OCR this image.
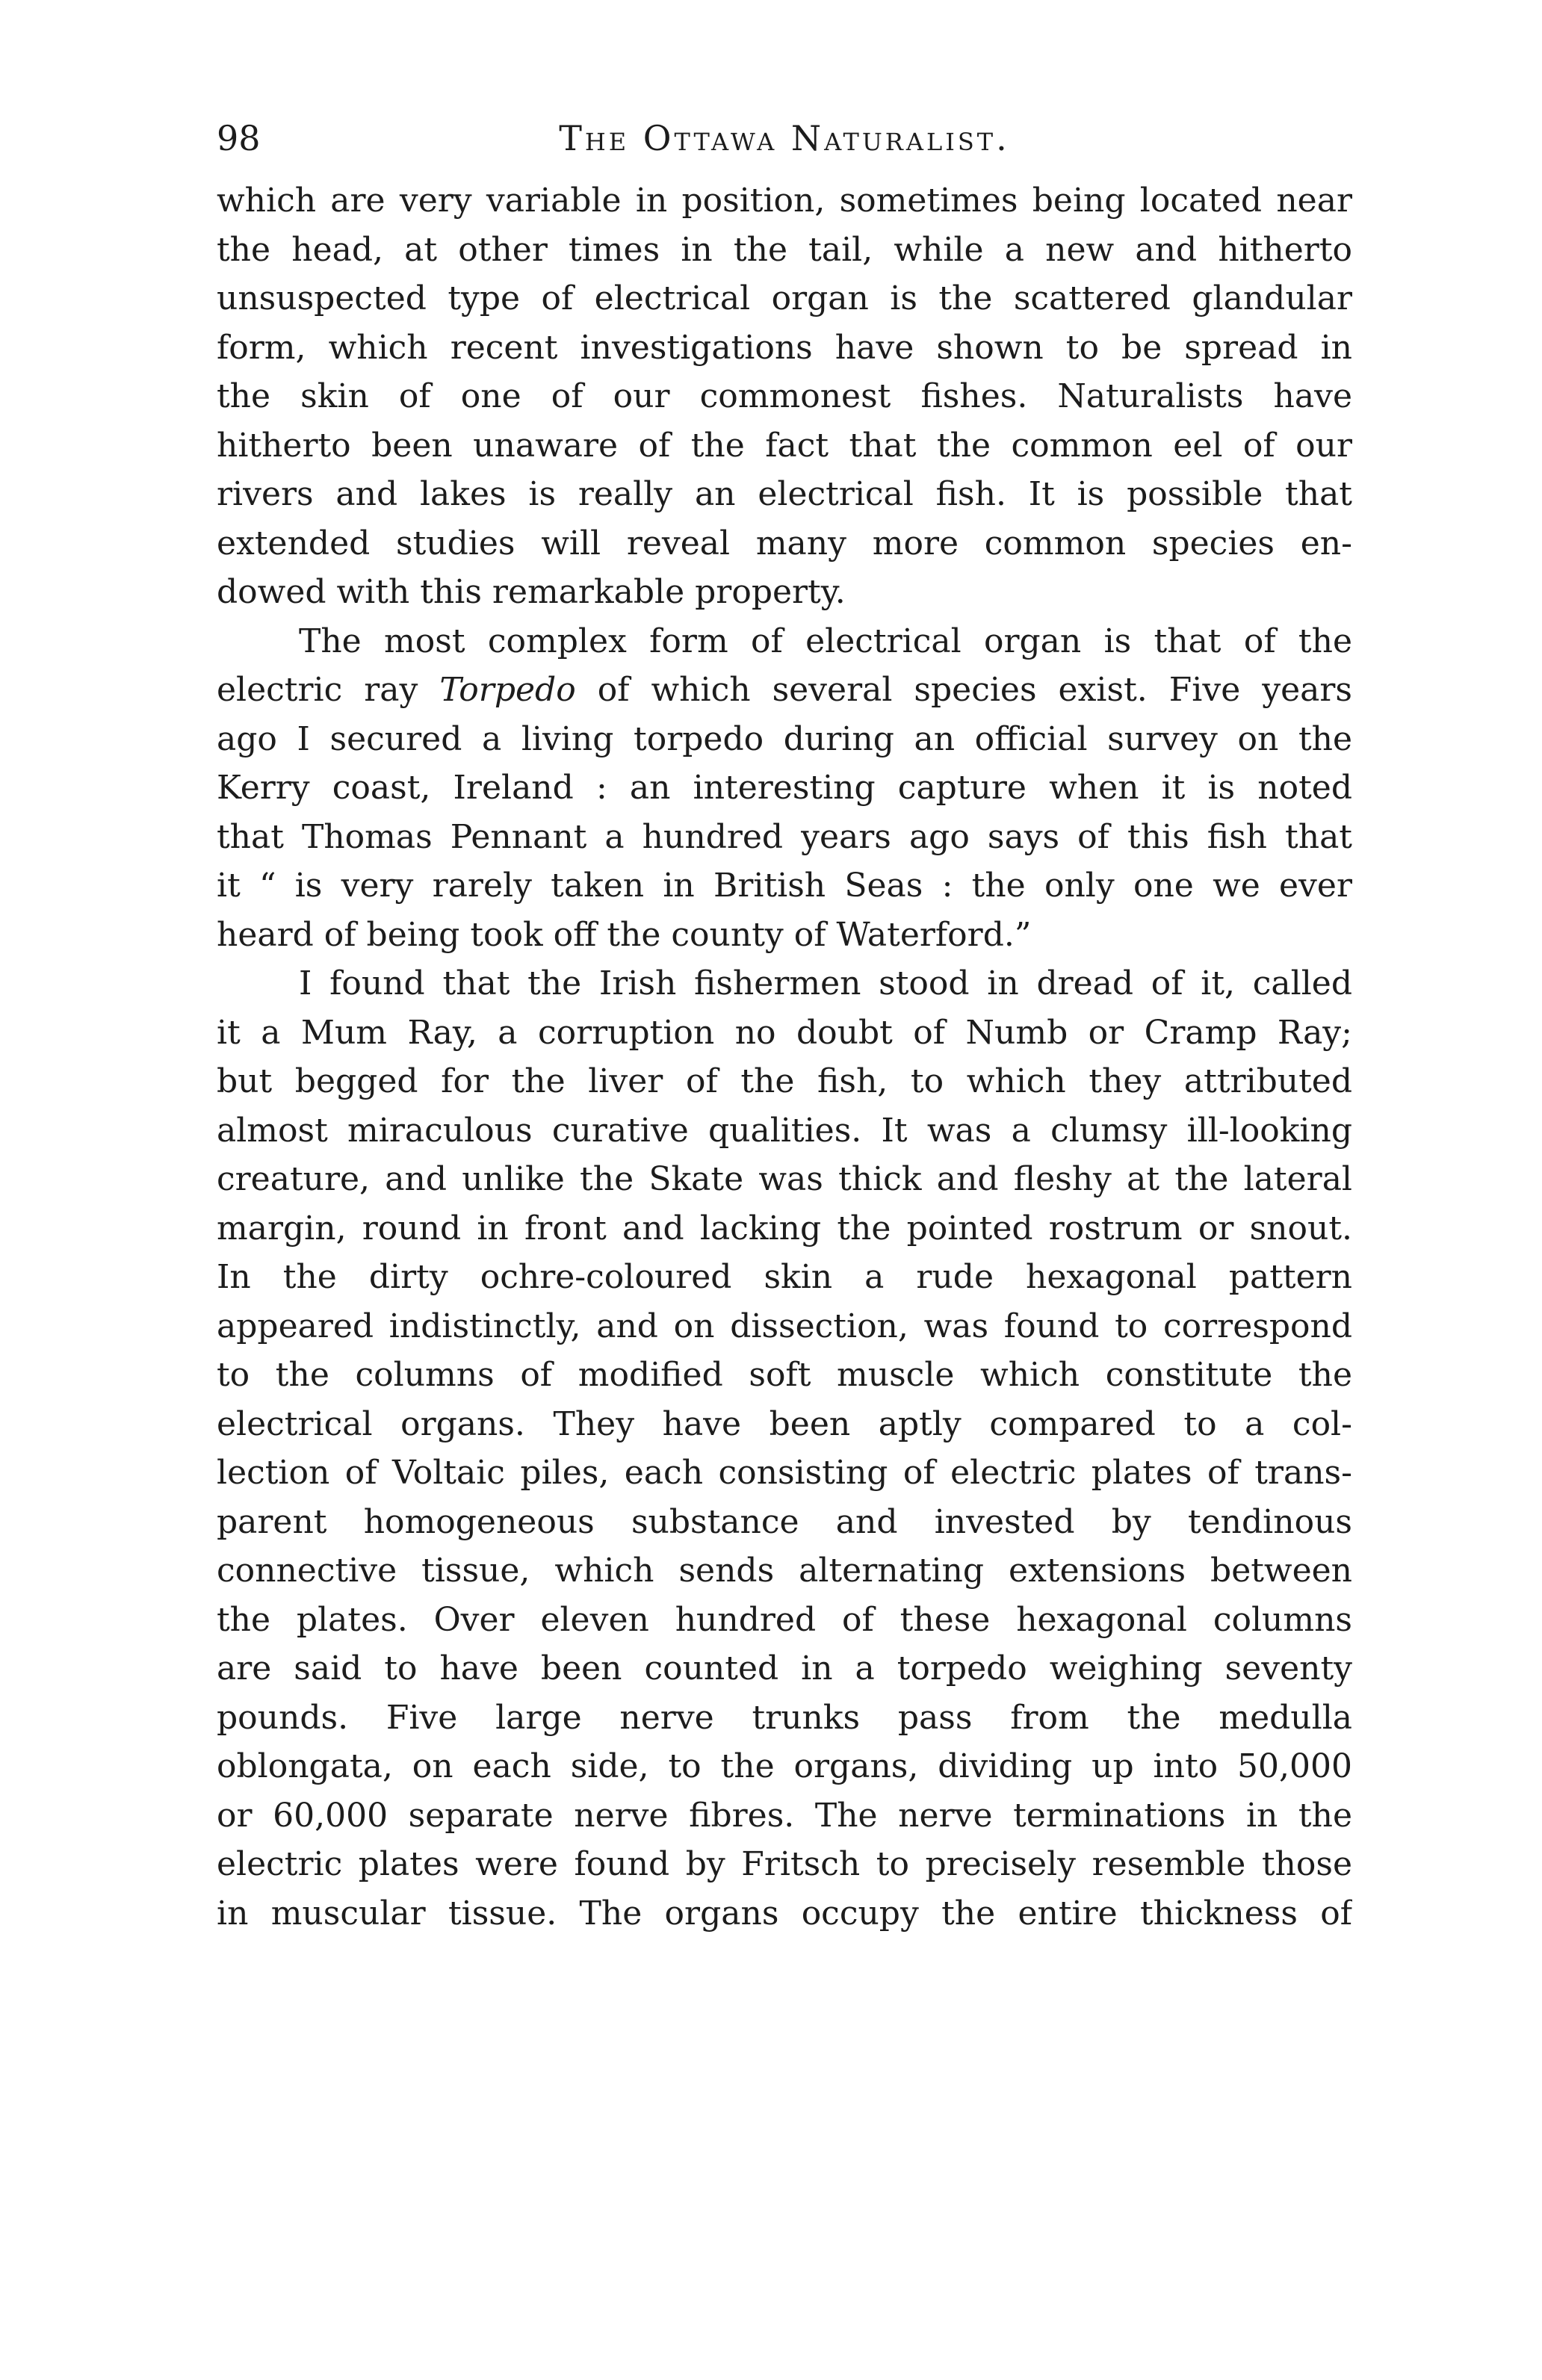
98	The Ottawa Naturalist.
which are very variable in position, sometimes being located near
the head, at other times in the tail, while a new and hitherto
unsuspected type of electrical organ is the scattered glandular
form, which recent investigations have shown to be spread in
the skin of one of our commonest fishes. Naturalists have
hitherto been unaware of the fact that the common eel of our
rivers and lakes is really an electrical fish. It is possible that
extended studies will reveal many more common species en-
dowed with this remarkable property.
The most complex form of electrical organ is that of the
electric ray Torpedo of which several species exist. Five years
ago I secured a living torpedo during an official survey on the
Kerry coast, Ireland : an interesting capture when it is noted
that Thomas Pennant a hundred years ago says of this fish that
it “ is very rarely taken in British Seas : the only one we ever
heard of being took off the county of Waterford.”
I found that the Irish fishermen stood in dread of it, called
it a Mum Ray, a corruption no doubt of Numb or Cramp Ray;
but begged for the liver of the fish, to which they attributed
almost miraculous curative qualities. It was a clumsy ill-looking
creature, and unlike the Skate was thick and fleshy at the lateral
margin, round in front and lacking the pointed rostrum or snout.
In the dirty ochre-coloured skin a rude hexagonal pattern
appeared indistinctly, and on dissection, was found to correspond
to the columns of modified soft muscle which constitute the
electrical organs. They have been aptly compared to a col-
lection of Voltaic piles, each consisting of electric plates of trans-
parent homogeneous substance and invested by tendinous
connective tissue, which sends alternating extensions between
the plates. Over eleven hundred of these hexagonal columns
are said to have been counted in a torpedo weighing seventy
pounds. Five large nerve trunks pass from the medulla
oblongata, on each side, to the organs, dividing up into 50,000
or 60,000 separate nerve fibres. The nerve terminations in the
electric plates were found by Fritsch to precisely resemble those
in muscular tissue. The organs occupy the entire thickness of
